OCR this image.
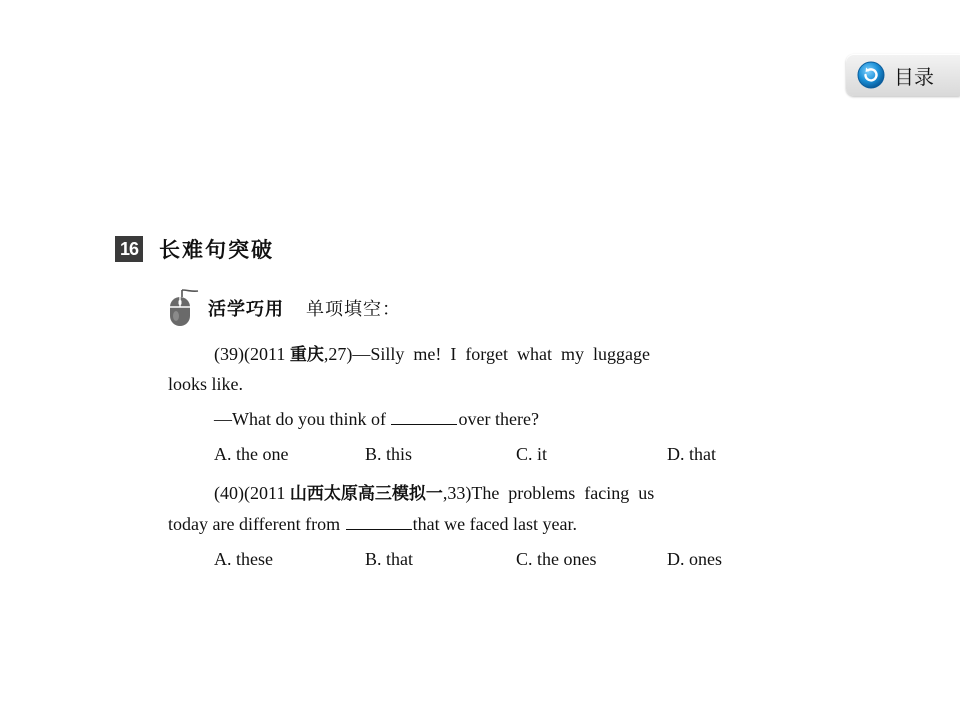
目录
16 长难句突破
活学巧用 单项填空：
(39)(2011 重庆,27)—Silly  me!  I  forget  what  my  luggage
looks like.
—What do you think of	over there?
A. the one	B. this	C. it	D. that
(40)(2011 山西太原高三模拟一,33)The  problems  facing  us
today are different from	that we faced last year.
A. these	B. that	C. the ones	D. ones
